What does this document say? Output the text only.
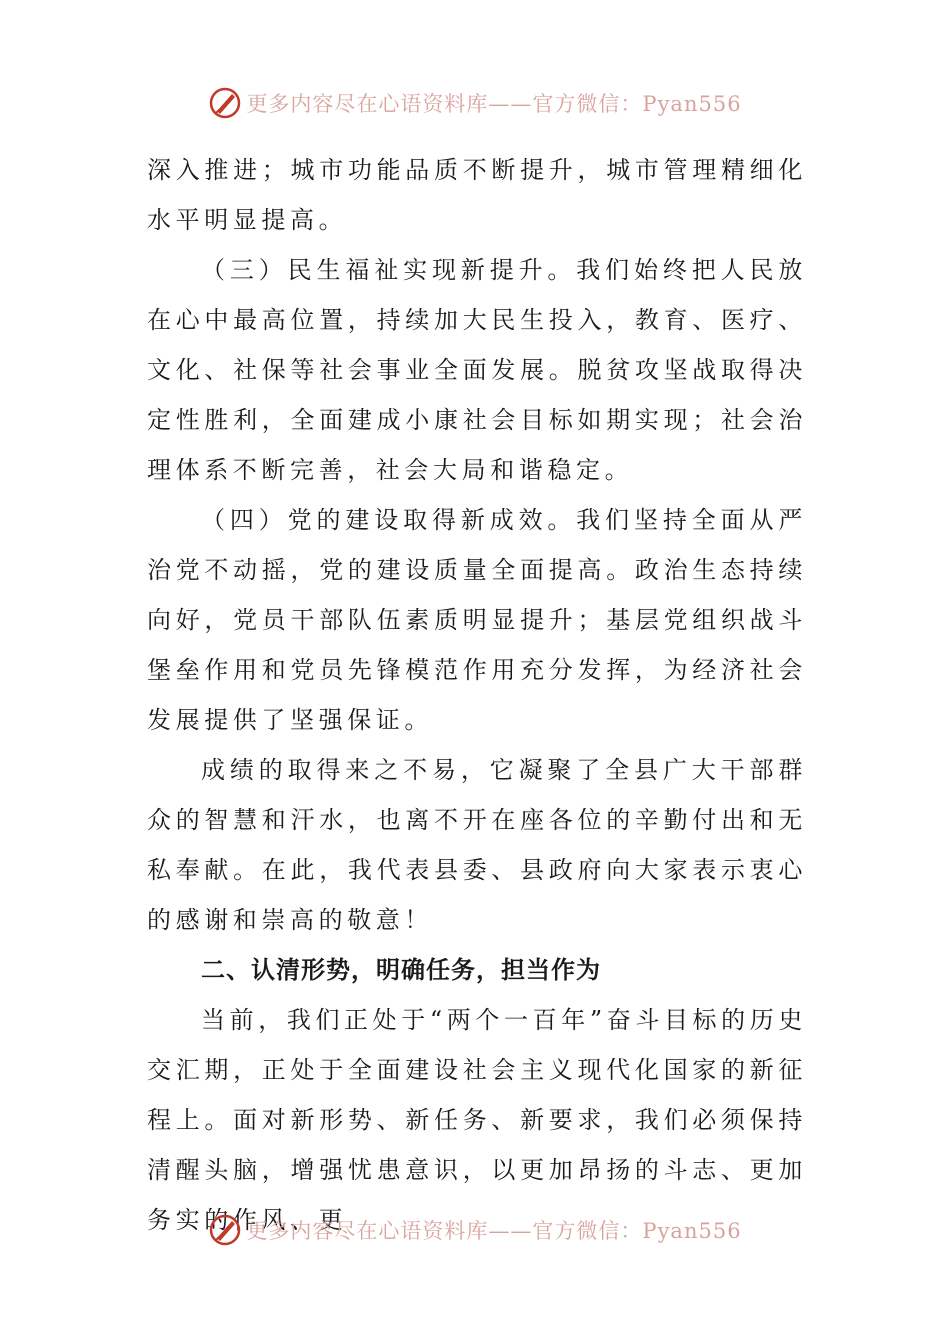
更多内容尽在心语资料库——官方微信：Pyan556

深入推进；城市功能品质不断提升，城市管理精细化水平明显提高。

（三）民生福祉实现新提升。我们始终把人民放在心中最高位置，持续加大民生投入，教育、医疗、文化、社保等社会事业全面发展。脱贫攻坚战取得决定性胜利，全面建成小康社会目标如期实现；社会治理体系不断完善，社会大局和谐稳定。

（四）党的建设取得新成效。我们坚持全面从严治党不动摇，党的建设质量全面提高。政治生态持续向好，党员干部队伍素质明显提升；基层党组织战斗堡垒作用和党员先锋模范作用充分发挥，为经济社会发展提供了坚强保证。

成绩的取得来之不易，它凝聚了全县广大干部群众的智慧和汗水，也离不开在座各位的辛勤付出和无私奉献。在此，我代表县委、县政府向大家表示衷心的感谢和崇高的敬意！

二、认清形势，明确任务，担当作为

当前，我们正处于“两个一百年”奋斗目标的历史交汇期，正处于全面建设社会主义现代化国家的新征程上。面对新形势、新任务、新要求，我们必须保持清醒头脑，增强忧患意识，以更加昂扬的斗志、更加务实的作风、更

更多内容尽在心语资料库——官方微信：Pyan556
